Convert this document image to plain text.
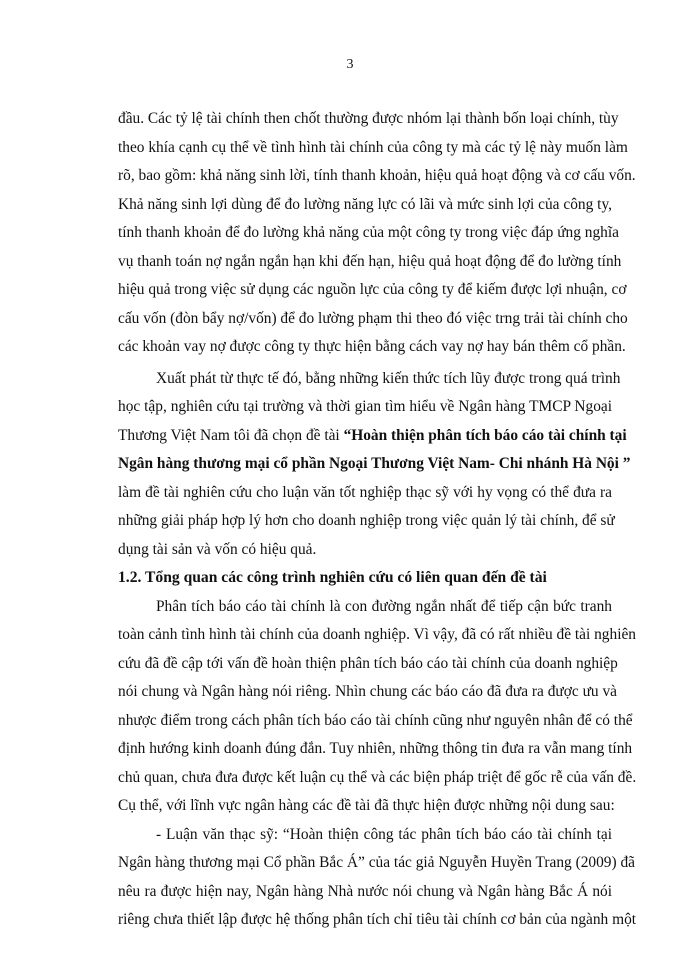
3
đầu. Các tỷ lệ tài chính then chốt thường được nhóm lại thành bốn loại chính, tùy
theo khía cạnh cụ thể về tình hình tài chính của công ty mà các tỷ lệ này muốn làm
rõ, bao gồm: khả năng sinh lời, tính thanh khoản, hiệu quả hoạt động và cơ cấu vốn.
Khả năng sinh lợi dùng để đo lường năng lực có lãi và mức sinh lợi của công ty,
tính thanh khoản để đo lường khả năng của một công ty trong việc đáp ứng nghĩa
vụ thanh toán nợ ngắn ngắn hạn khi đến hạn, hiệu quả hoạt động để đo lường tính
hiệu quả trong việc sử dụng các nguồn lực của công ty để kiếm được lợi nhuận, cơ
cấu vốn (đòn bẩy nợ/vốn) để đo lường phạm thi theo đó việc trng trải tài chính cho
các khoản vay nợ được công ty thực hiện bằng cách vay nợ hay bán thêm cổ phần.
Xuất phát từ thực tế đó, bằng những kiến thức tích lũy được trong quá trình
học tập, nghiên cứu tại trường và thời gian tìm hiểu về Ngân hàng TMCP Ngoại
Thương Việt Nam tôi đã chọn đề tài “Hoàn thiện phân tích báo cáo tài chính tại
Ngân hàng thương mại cổ phần Ngoại Thương Việt Nam- Chi nhánh Hà Nội ”
làm đề tài nghiên cứu cho luận văn tốt nghiệp thạc sỹ với hy vọng có thể đưa ra
những giải pháp hợp lý hơn cho doanh nghiệp trong việc quản lý tài chính, để sử
dụng tài sản và vốn có hiệu quả.
1.2. Tổng quan các công trình nghiên cứu có liên quan đến đề tài
Phân tích báo cáo tài chính là con đường ngắn nhất để tiếp cận bức tranh
toàn cảnh tình hình tài chính của doanh nghiệp. Vì vậy, đã có rất nhiều đề tài nghiên
cứu đã đề cập tới vấn đề hoàn thiện phân tích báo cáo tài chính của doanh nghiệp
nói chung và Ngân hàng nói riêng. Nhìn chung các báo cáo đã đưa ra được ưu và
nhược điểm trong cách phân tích báo cáo tài chính cũng như nguyên nhân để có thể
định hướng kinh doanh đúng đắn. Tuy nhiên, những thông tin đưa ra vẫn mang tính
chủ quan, chưa đưa được kết luận cụ thể và các biện pháp triệt để gốc rễ của vấn đề.
Cụ thể, với lĩnh vực ngân hàng các đề tài đã thực hiện được những nội dung sau:
- Luận văn thạc sỹ: “Hoàn thiện công tác phân tích báo cáo tài chính tại
Ngân hàng thương mại Cổ phần Bắc Á” của tác giả Nguyễn Huyền Trang (2009) đã
nêu ra được hiện nay, Ngân hàng Nhà nước nói chung và Ngân hàng Bắc Á nói
riêng chưa thiết lập được hệ thống phân tích chỉ tiêu tài chính cơ bản của ngành một
